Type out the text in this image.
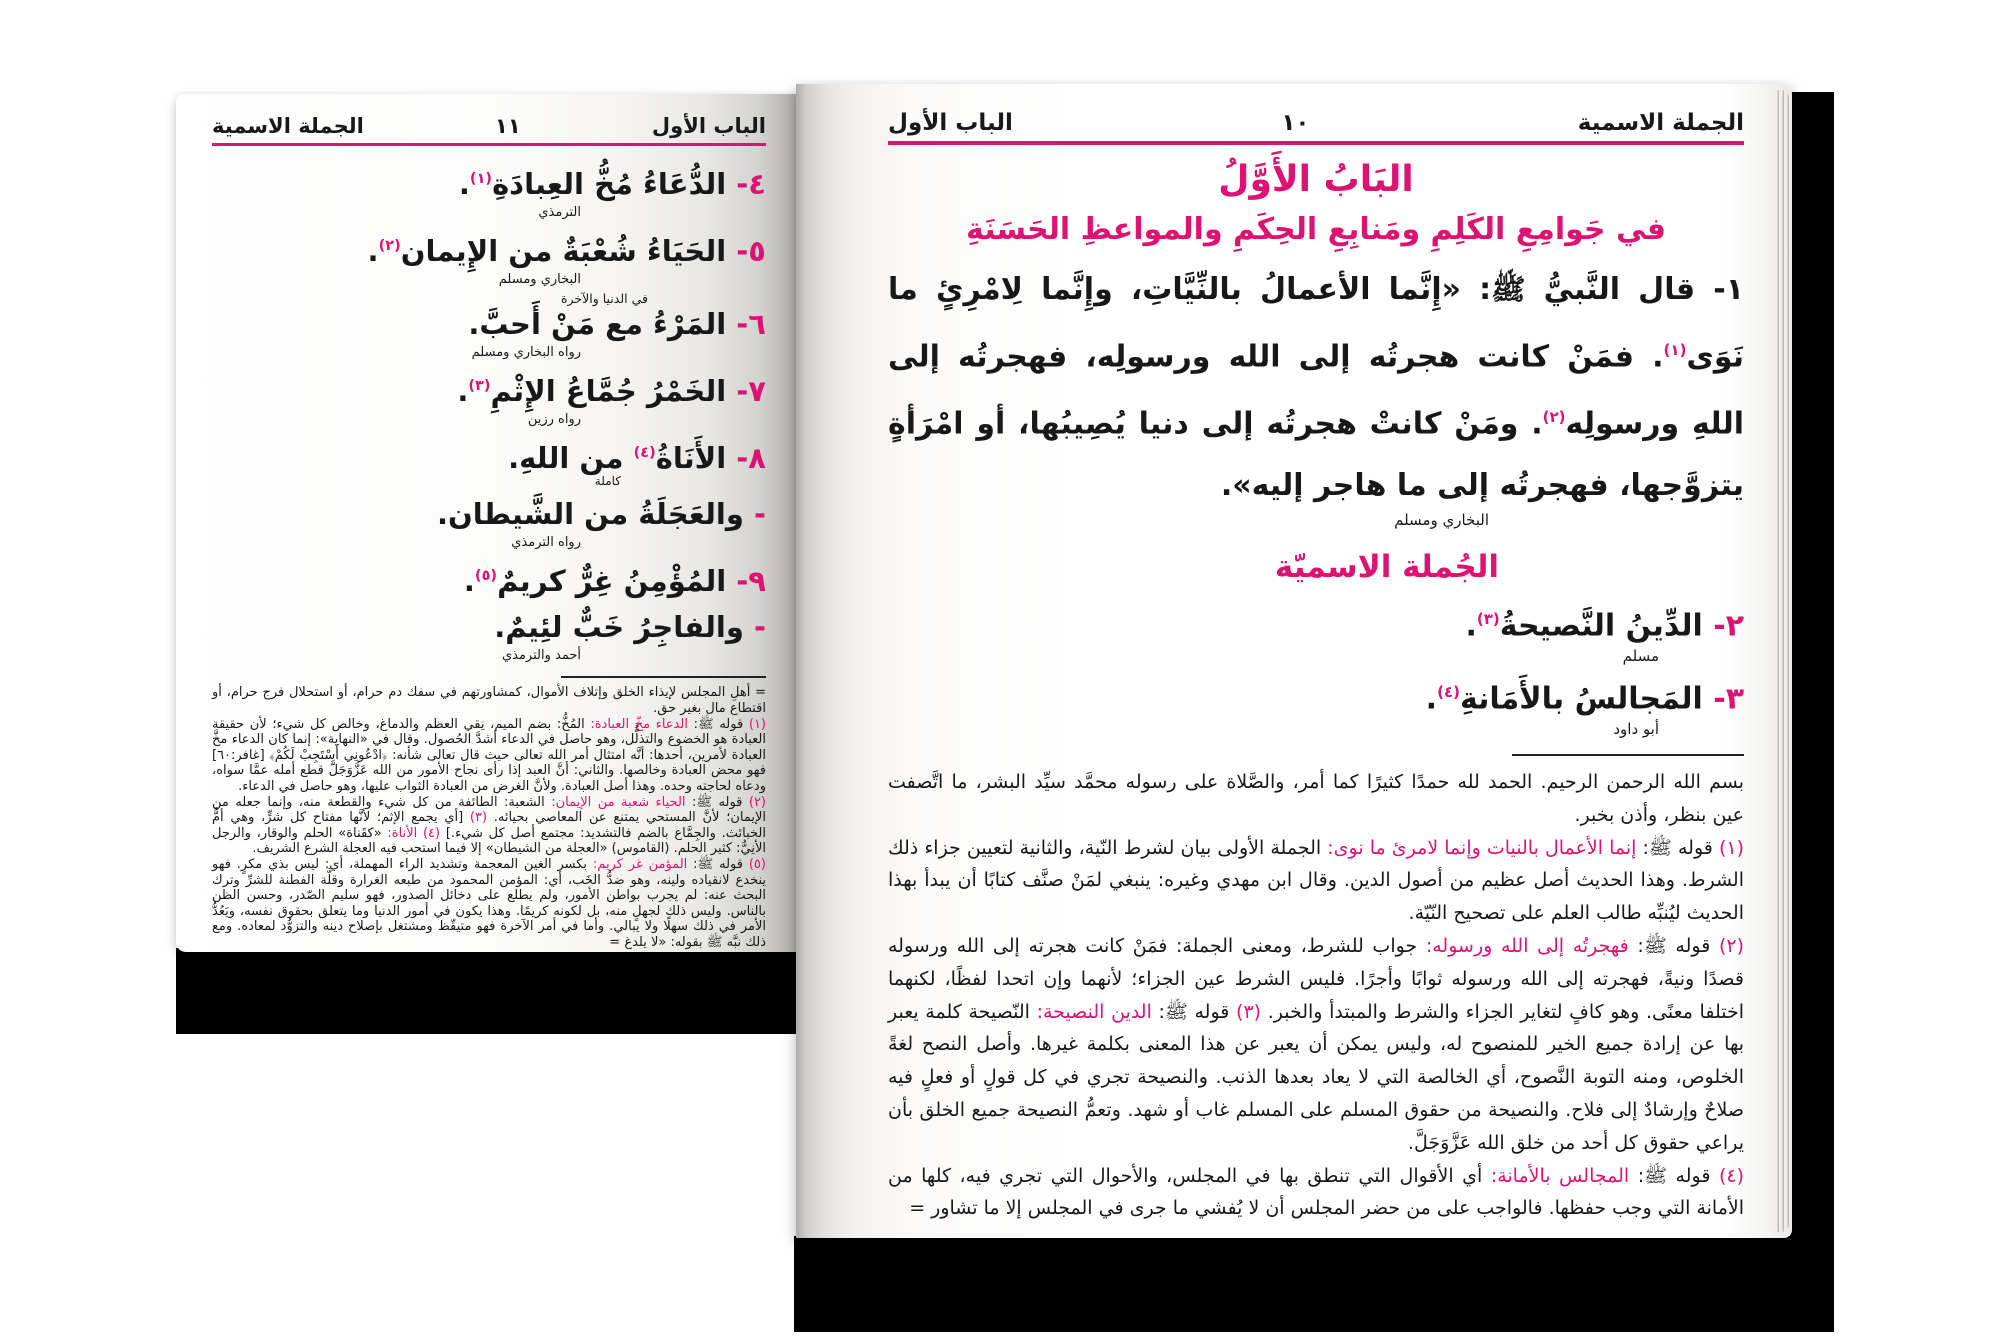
الباب الأول
١١
الجملة الاسمية
٤- الدُّعَاءُ مُخُّ العِبادَةِ$^{(١)}$.
الترمذي
٥- الحَيَاءُ شُعْبَةٌ من الإِيمان$^{(٢)}$.
البخاري ومسلم
في الدنيا والآخرة
٦- المَرْءُ مع مَنْ أَحبَّ.
رواه البخاري ومسلم
٧- الخَمْرُ جُمَّاعُ الإِثْمِ$^{(٣)}$.
رواه رزين
٨- الأَنَاةُ$^{(٤)}$ من اللهِ.
كاملة
- والعَجَلَةُ من الشَّيطان.
رواه الترمذي
٩- المُؤْمِنُ غِرٌّ كريمٌ$^{(٥)}$.
- والفاجِرُ خَبٌّ لئِيمٌ.
أحمد والترمذي

= أهلِ المجلس لإيذاء الخلق وإتلاف الأموال، كمشاورتهم في سفك دم حرام، أو استحلال فرج حرام، أو اقتطاع مال بغير حق.

(١) قوله ﷺ: الدعاء مخّ العبادة: المُخُّ: بضم الميم، نِقي العظم والدماغ، وخالص كل شيء؛ لأن حقيقة العبادة هو الخضوع والتذلُّل، وهو حاصل في الدعاء أشدَّ الحُصول. وقال في «النهاية»: إنما كان الدعاء مخَّ العبادة لأمرين، أحدها: أنَّه امتثال أمر الله تعالى حيث قال تعالى شأنه: ﴿ادْعُونِي أَسْتَجِبْ لَكُمْ﴾ [غافر:٦٠] فهو محض العبادة وخالصها. والثاني: أنَّ العبد إذا رأى نجاح الأمور من الله عَزَّوَجَلَّ قطع أمله عمَّا سواه، ودعاه لحاجته وحده. وهذا أصل العبادة. ولأنَّ الغرض من العبادة الثواب عليها، وهو حاصل في الدعاء.

(٢) قوله ﷺ: الحياء شعبة من الإيمان: الشعبة: الطائفة من كل شيء والقطعة منه، وإنما جعله من الإيمان؛ لأنَّ المستحي يمتنع عن المعاصي بحيائه. (٣) [أي يجمع الإثم؛ لأنَّها مفتاح كل شرٍّ، وهي أمُّ الخبائث. والجِمَّاع بالضم فالتشديد: مجتمع أصل كل شيء.] (٤) الأناة: «كقَناة» الحلم والوقار، والرجل الأنِيُّ: كثير الحلم. (القاموس) «العجلة من الشيطان» إلا فيما استحب فيه العجلة الشرع الشريف.

(٥) قوله ﷺ: المؤمن غر كريم: بكسر الغين المعجمة وتشديد الراء المهملة، أي: ليس بذي مكرٍ. فهو ينخدع لانقياده ولينه، وهو ضدُّ الخَب، أي: المؤمن المحمود من طبعه الغرارة وقلَّة الفطنة للشرِّ وترك البحث عنه: لم يجرب بواطن الأمور، ولم يطلع على دخائل الصدور، فهو سليم الصّدر، وحسن الظن بالناس. وليس ذلك لجهلٍ منه، بل لكونه كريمًا. وهذا يكون في أمور الدنيا وما يتعلق بحقوق نفسه، ويَعُدُّ الأمر في ذلك سهلًا ولا يبالي. وأما في أمر الآخرة فهو متيقّظ ومشتغل بإصلاح دينه والتزوُّد لمعاده. ومع ذلك نبَّه ﷺ بقوله: «لا يلدغ =

الجملة الاسمية
١٠
الباب الأول
البَابُ الأَوَّلُ
في جَوامِعِ الكَلِمِ ومَنابِعِ الحِكَمِ والمواعظِ الحَسَنَةِ

١- قال النَّبيُّ ﷺ: «إِنَّما الأعمالُ بالنِّيَّاتِ، وإِنَّما لِامْرِئٍ ما نَوَى$^{(١)}$. فمَنْ كانت هجرتُه إلى الله ورسولِه، فهجرتُه إلى اللهِ ورسولِه$^{(٢)}$. ومَنْ كانتْ هجرتُه إلى دنيا يُصِيبُها، أو امْرَأةٍ يتزوَّجها، فهجرتُه إلى ما هاجر إليه».

البخاري ومسلم
الجُملة الاسميّة
٢- الدِّينُ النَّصيحةُ$^{(٣)}$.
مسلم
٣- المَجالسُ بالأَمَانةِ$^{(٤)}$.
أبو داود

بسم الله الرحمن الرحيم. الحمد لله حمدًا كثيرًا كما أمر، والصَّلاة على رسوله محمَّد سيِّد البشر، ما اتَّصفت عين بنظر، وأذن بخبر.

(١) قوله ﷺ: إنما الأعمال بالنيات وإنما لامرئ ما نوى: الجملة الأولى بيان لشرط النّية، والثانية لتعيين جزاء ذلك الشرط. وهذا الحديث أصل عظيم من أصول الدين. وقال ابن مهدي وغيره: ينبغي لمَنْ صنَّف كتابًا أن يبدأ بهذا الحديث ليُنبِّه طالب العلم على تصحيح النّيّة.

(٢) قوله ﷺ: فهجرتُه إلى الله ورسوله: جواب للشرط، ومعنى الجملة: فمَنْ كانت هجرته إلى الله ورسوله قصدًا ونيةً، فهجرته إلى الله ورسوله ثوابًا وأجرًا. فليس الشرط عين الجزاء؛ لأنهما وإن اتحدا لفظًا، لكنهما اختلفا معنًى. وهو كافٍ لتغاير الجزاء والشرط والمبتدأ والخبر. (٣) قوله ﷺ: الدين النصيحة: النّصيحة كلمة يعبر بها عن إرادة جميع الخير للمنصوح له، وليس يمكن أن يعبر عن هذا المعنى بكلمة غيرها. وأصل النصح لغةً الخلوص، ومنه التوبة النَّصوح، أي الخالصة التي لا يعاد بعدها الذنب. والنصيحة تجري في كل قولٍ أو فعلٍ فيه صلاحٌ وإرشادٌ إلى فلاح. والنصيحة من حقوق المسلم على المسلم غاب أو شهد. وتعمُّ النصيحة جميع الخلق بأن يراعي حقوق كل أحد من خلق الله عَزَّوَجَلَّ.

(٤) قوله ﷺ: المجالس بالأمانة: أي الأقوال التي تنطق بها في المجلس، والأحوال التي تجري فيه، كلها من الأمانة التي وجب حفظها. فالواجب على من حضر المجلس أن لا يُفشي ما جرى في المجلس إلا ما تشاور =
